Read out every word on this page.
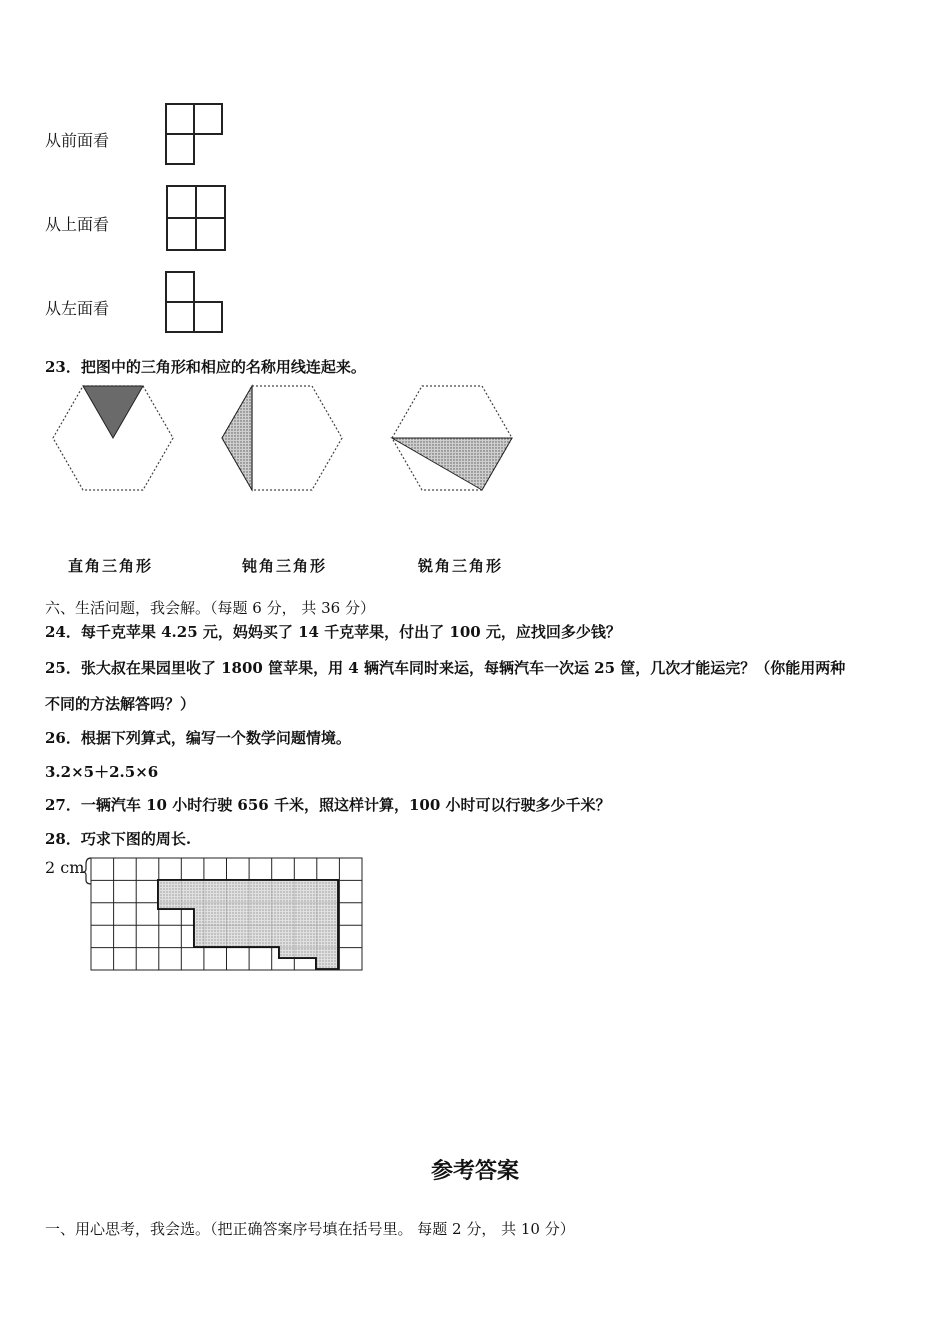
从前面看
从上面看
从左面看
23．把图中的三角形和相应的名称用线连起来。
直角三角形	钝角三角形	锐角三角形
六、生活问题，我会解。（每题 6 分， 共 36 分）
24．每千克苹果 4.25 元，妈妈买了 14 千克苹果，付出了 100 元，应找回多少钱？
25．张大叔在果园里收了 1800 筐苹果，用 4 辆汽车同时来运，每辆汽车一次运 25 筐，几次才能运完？（你能用两种
不同的方法解答吗？）
26．根据下列算式，编写一个数学问题情境。
3.2×5＋2.5×6
27．一辆汽车 10 小时行驶 656 千米，照这样计算，100 小时可以行驶多少千米？
28．巧求下图的周长.
2 cm
参考答案
一、用心思考，我会选。（把正确答案序号填在括号里。 每题 2 分， 共 10 分）
